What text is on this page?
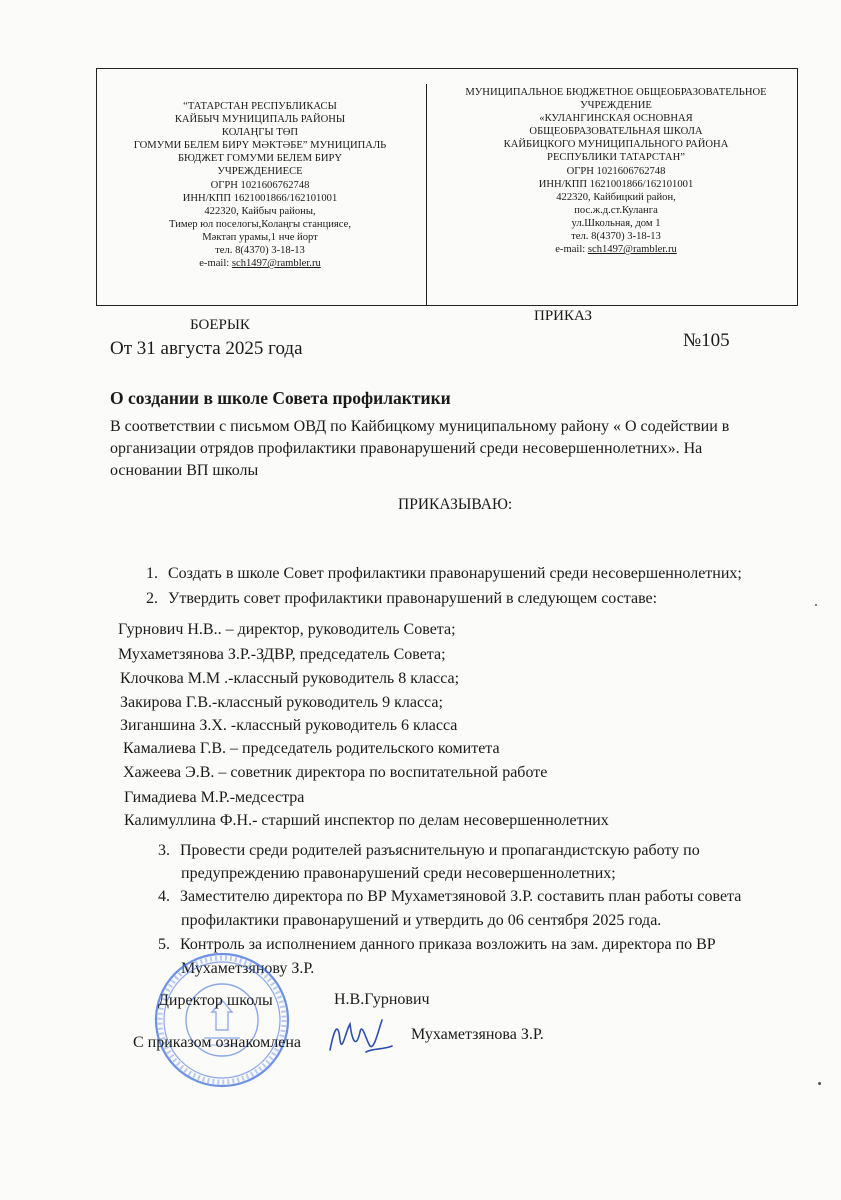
“ТАТАРСТАН РЕСПУБЛИКАСЫ
КАЙБЫЧ МУНИЦИПАЛЬ РАЙОНЫ
КОЛАҢГЫ ТӨП
ГОМУМИ БЕЛЕМ БИРҮ МӘКТӘБЕ” МУНИЦИПАЛЬ
БЮДЖЕТ ГОМУМИ БЕЛЕМ БИРҮ
УЧРЕЖДЕНИЕСЕ
ОГРН 1021606762748
ИНН/КПП 1621001866/162101001
422320, Кайбыч районы,
Тимер юл поселогы,Колаңгы станциясе,
Мәктәп урамы,1 нче йорт
тел. 8(4370) 3-18-13
e-mail: sch1497@rambler.ru
МУНИЦИПАЛЬНОЕ БЮДЖЕТНОЕ ОБЩЕОБРАЗОВАТЕЛЬНОЕ
УЧРЕЖДЕНИЕ
«КУЛАНГИНСКАЯ ОСНОВНАЯ
ОБЩЕОБРАЗОВАТЕЛЬНАЯ ШКОЛА
КАЙБИЦКОГО МУНИЦИПАЛЬНОГО РАЙОНА
РЕСПУБЛИКИ ТАТАРСТАН”
ОГРН 1021606762748
ИНН/КПП 1621001866/162101001
422320, Кайбицкий район,
пос.ж.д.ст.Куланга
ул.Школьная, дом 1
тел. 8(4370) 3-18-13
e-mail: sch1497@rambler.ru
БОЕРЫК
ПРИКАЗ
От 31 августа 2025 года	№105
О создании в школе Совета профилактики
В соответствии с письмом ОВД по Кайбицкому муниципальному району « О содействии в
организации отрядов профилактики правонарушений среди несовершеннолетних». На
основании ВП школы
ПРИКАЗЫВАЮ:
1. Создать в школе Совет профилактики правонарушений среди несовершеннолетних;
2. Утвердить совет профилактики правонарушений в следующем составе:
Гурнович Н.В.. – директор, руководитель Совета;
Мухаметзянова З.Р.-ЗДВР, председатель Совета;
Клочкова М.М .-классный руководитель 8 класса;
Закирова Г.В.-классный руководитель 9 класса;
Зиганшина З.Х. -классный руководитель 6 класса
Камалиева Г.В. – председатель родительского комитета
Хажеева Э.В. – советник директора по воспитательной работе
Гимадиева М.Р.-медсестра
Калимуллина Ф.Н.- старший инспектор по делам несовершеннолетних
3. Провести среди родителей разъяснительную и пропагандистскую работу по
предупреждению правонарушений среди несовершеннолетних;
4. Заместителю директора по ВР Мухаметзяновой З.Р. составить план работы совета
профилактики правонарушений и утвердить до 06 сентября 2025 года.
5. Контроль за исполнением данного приказа возложить на зам. директора по ВР
Мухаметзянову З.Р.
Директор школы	Н.В.Гурнович
С приказом ознакомлена	Мухаметзянова З.Р.
